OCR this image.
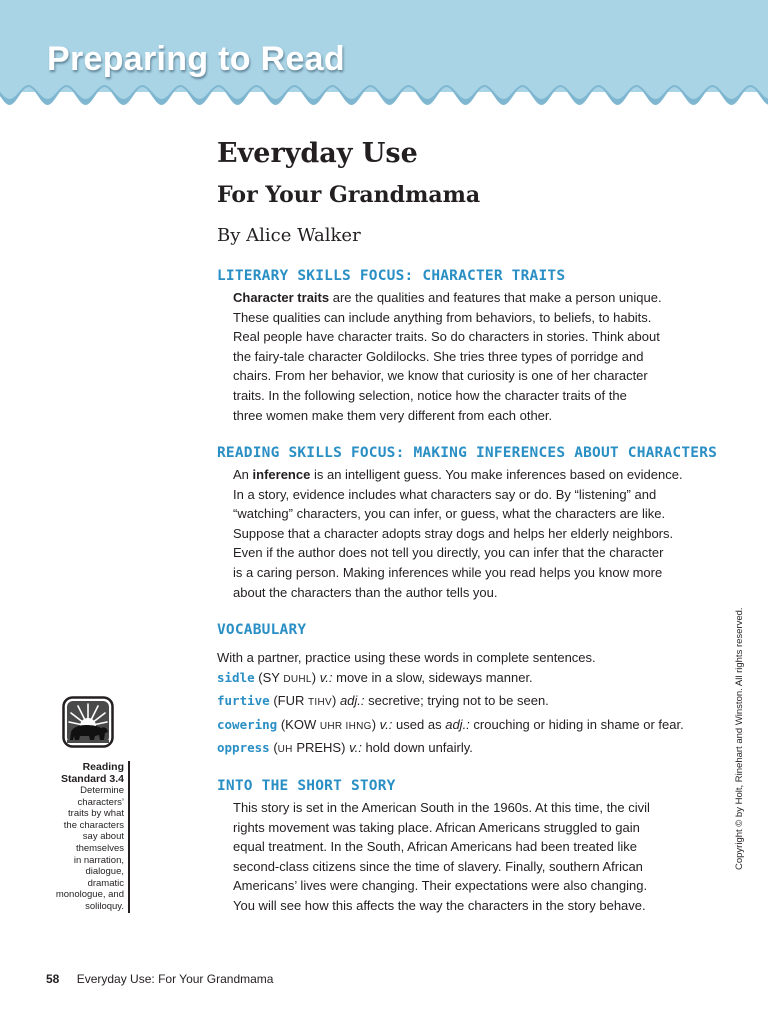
Preparing to Read
Everyday Use
For Your Grandmama
By Alice Walker
LITERARY SKILLS FOCUS: CHARACTER TRAITS
Character traits are the qualities and features that make a person unique.
These qualities can include anything from behaviors, to beliefs, to habits.
Real people have character traits. So do characters in stories. Think about
the fairy-tale character Goldilocks. She tries three types of porridge and
chairs. From her behavior, we know that curiosity is one of her character
traits. In the following selection, notice how the character traits of the
three women make them very different from each other.
READING SKILLS FOCUS: MAKING INFERENCES ABOUT CHARACTERS
An inference is an intelligent guess. You make inferences based on evidence.
In a story, evidence includes what characters say or do. By “listening” and
“watching” characters, you can infer, or guess, what the characters are like.
Suppose that a character adopts stray dogs and helps her elderly neighbors.
Even if the author does not tell you directly, you can infer that the character
is a caring person. Making inferences while you read helps you know more
about the characters than the author tells you.
VOCABULARY
With a partner, practice using these words in complete sentences.
sidle (SY DUHL) v.: move in a slow, sideways manner.
furtive (FUR TIHV) adj.: secretive; trying not to be seen.
cowering (KOW UHR IHNG) v.: used as adj.: crouching or hiding in shame or fear.
oppress (UH PREHS) v.: hold down unfairly.
INTO THE SHORT STORY
This story is set in the American South in the 1960s. At this time, the civil
rights movement was taking place. African Americans struggled to gain
equal treatment. In the South, African Americans had been treated like
second-class citizens since the time of slavery. Finally, southern African
Americans’ lives were changing. Their expectations were also changing.
You will see how this affects the way the characters in the story behave.
Reading
Standard 3.4
Determine
characters’
traits by what
the characters
say about
themselves
in narration,
dialogue,
dramatic
monologue, and
soliloquy.
Copyright © by Holt, Rinehart and Winston. All rights reserved.
58 Everyday Use: For Your Grandmama
